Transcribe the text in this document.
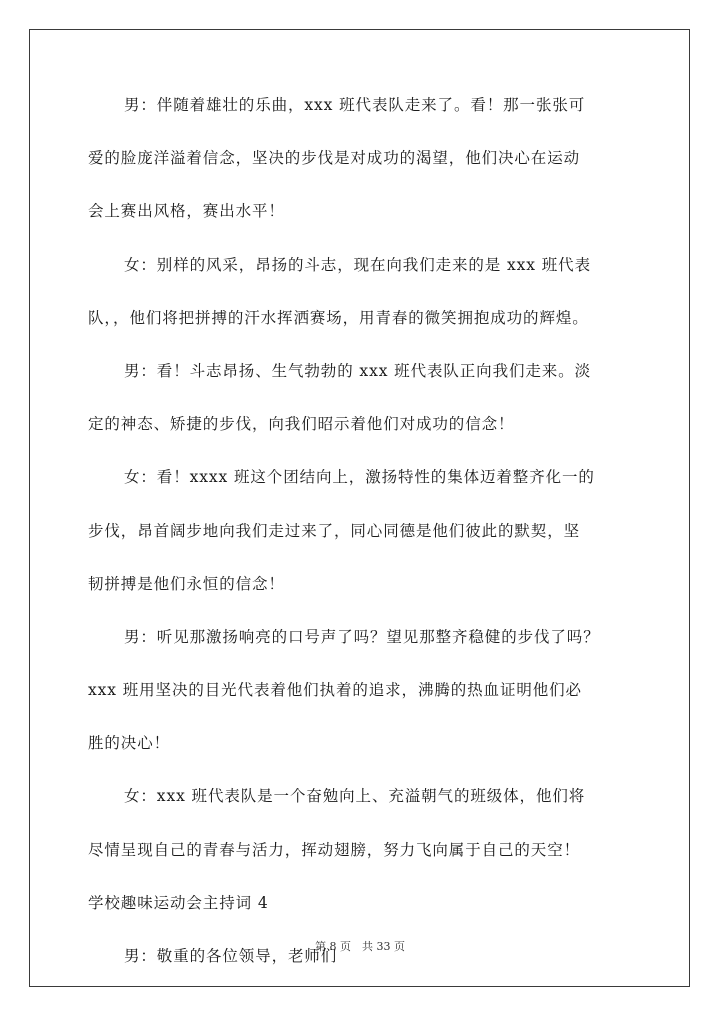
男：伴随着雄壮的乐曲，xxx 班代表队走来了。看！那一张张可
爱的脸庞洋溢着信念，坚决的步伐是对成功的渴望，他们决心在运动
会上赛出风格，赛出水平！
女：别样的风采，昂扬的斗志，现在向我们走来的是 xxx 班代表
队，，他们将把拼搏的汗水挥洒赛场，用青春的微笑拥抱成功的辉煌。
男：看！斗志昂扬、生气勃勃的 xxx 班代表队正向我们走来。淡
定的神态、矫捷的步伐，向我们昭示着他们对成功的信念！
女：看！xxxx 班这个团结向上，激扬特性的集体迈着整齐化一的
步伐，昂首阔步地向我们走过来了，同心同德是他们彼此的默契，坚
韧拼搏是他们永恒的信念！
男：听见那激扬响亮的口号声了吗？望见那整齐稳健的步伐了吗？
xxx 班用坚决的目光代表着他们执着的追求，沸腾的热血证明他们必
胜的决心！
女：xxx 班代表队是一个奋勉向上、充溢朝气的班级体，他们将
尽情呈现自己的青春与活力，挥动翅膀，努力飞向属于自己的天空！
学校趣味运动会主持词 4
男：敬重的各位领导，老师们
第 8 页　共 33 页
